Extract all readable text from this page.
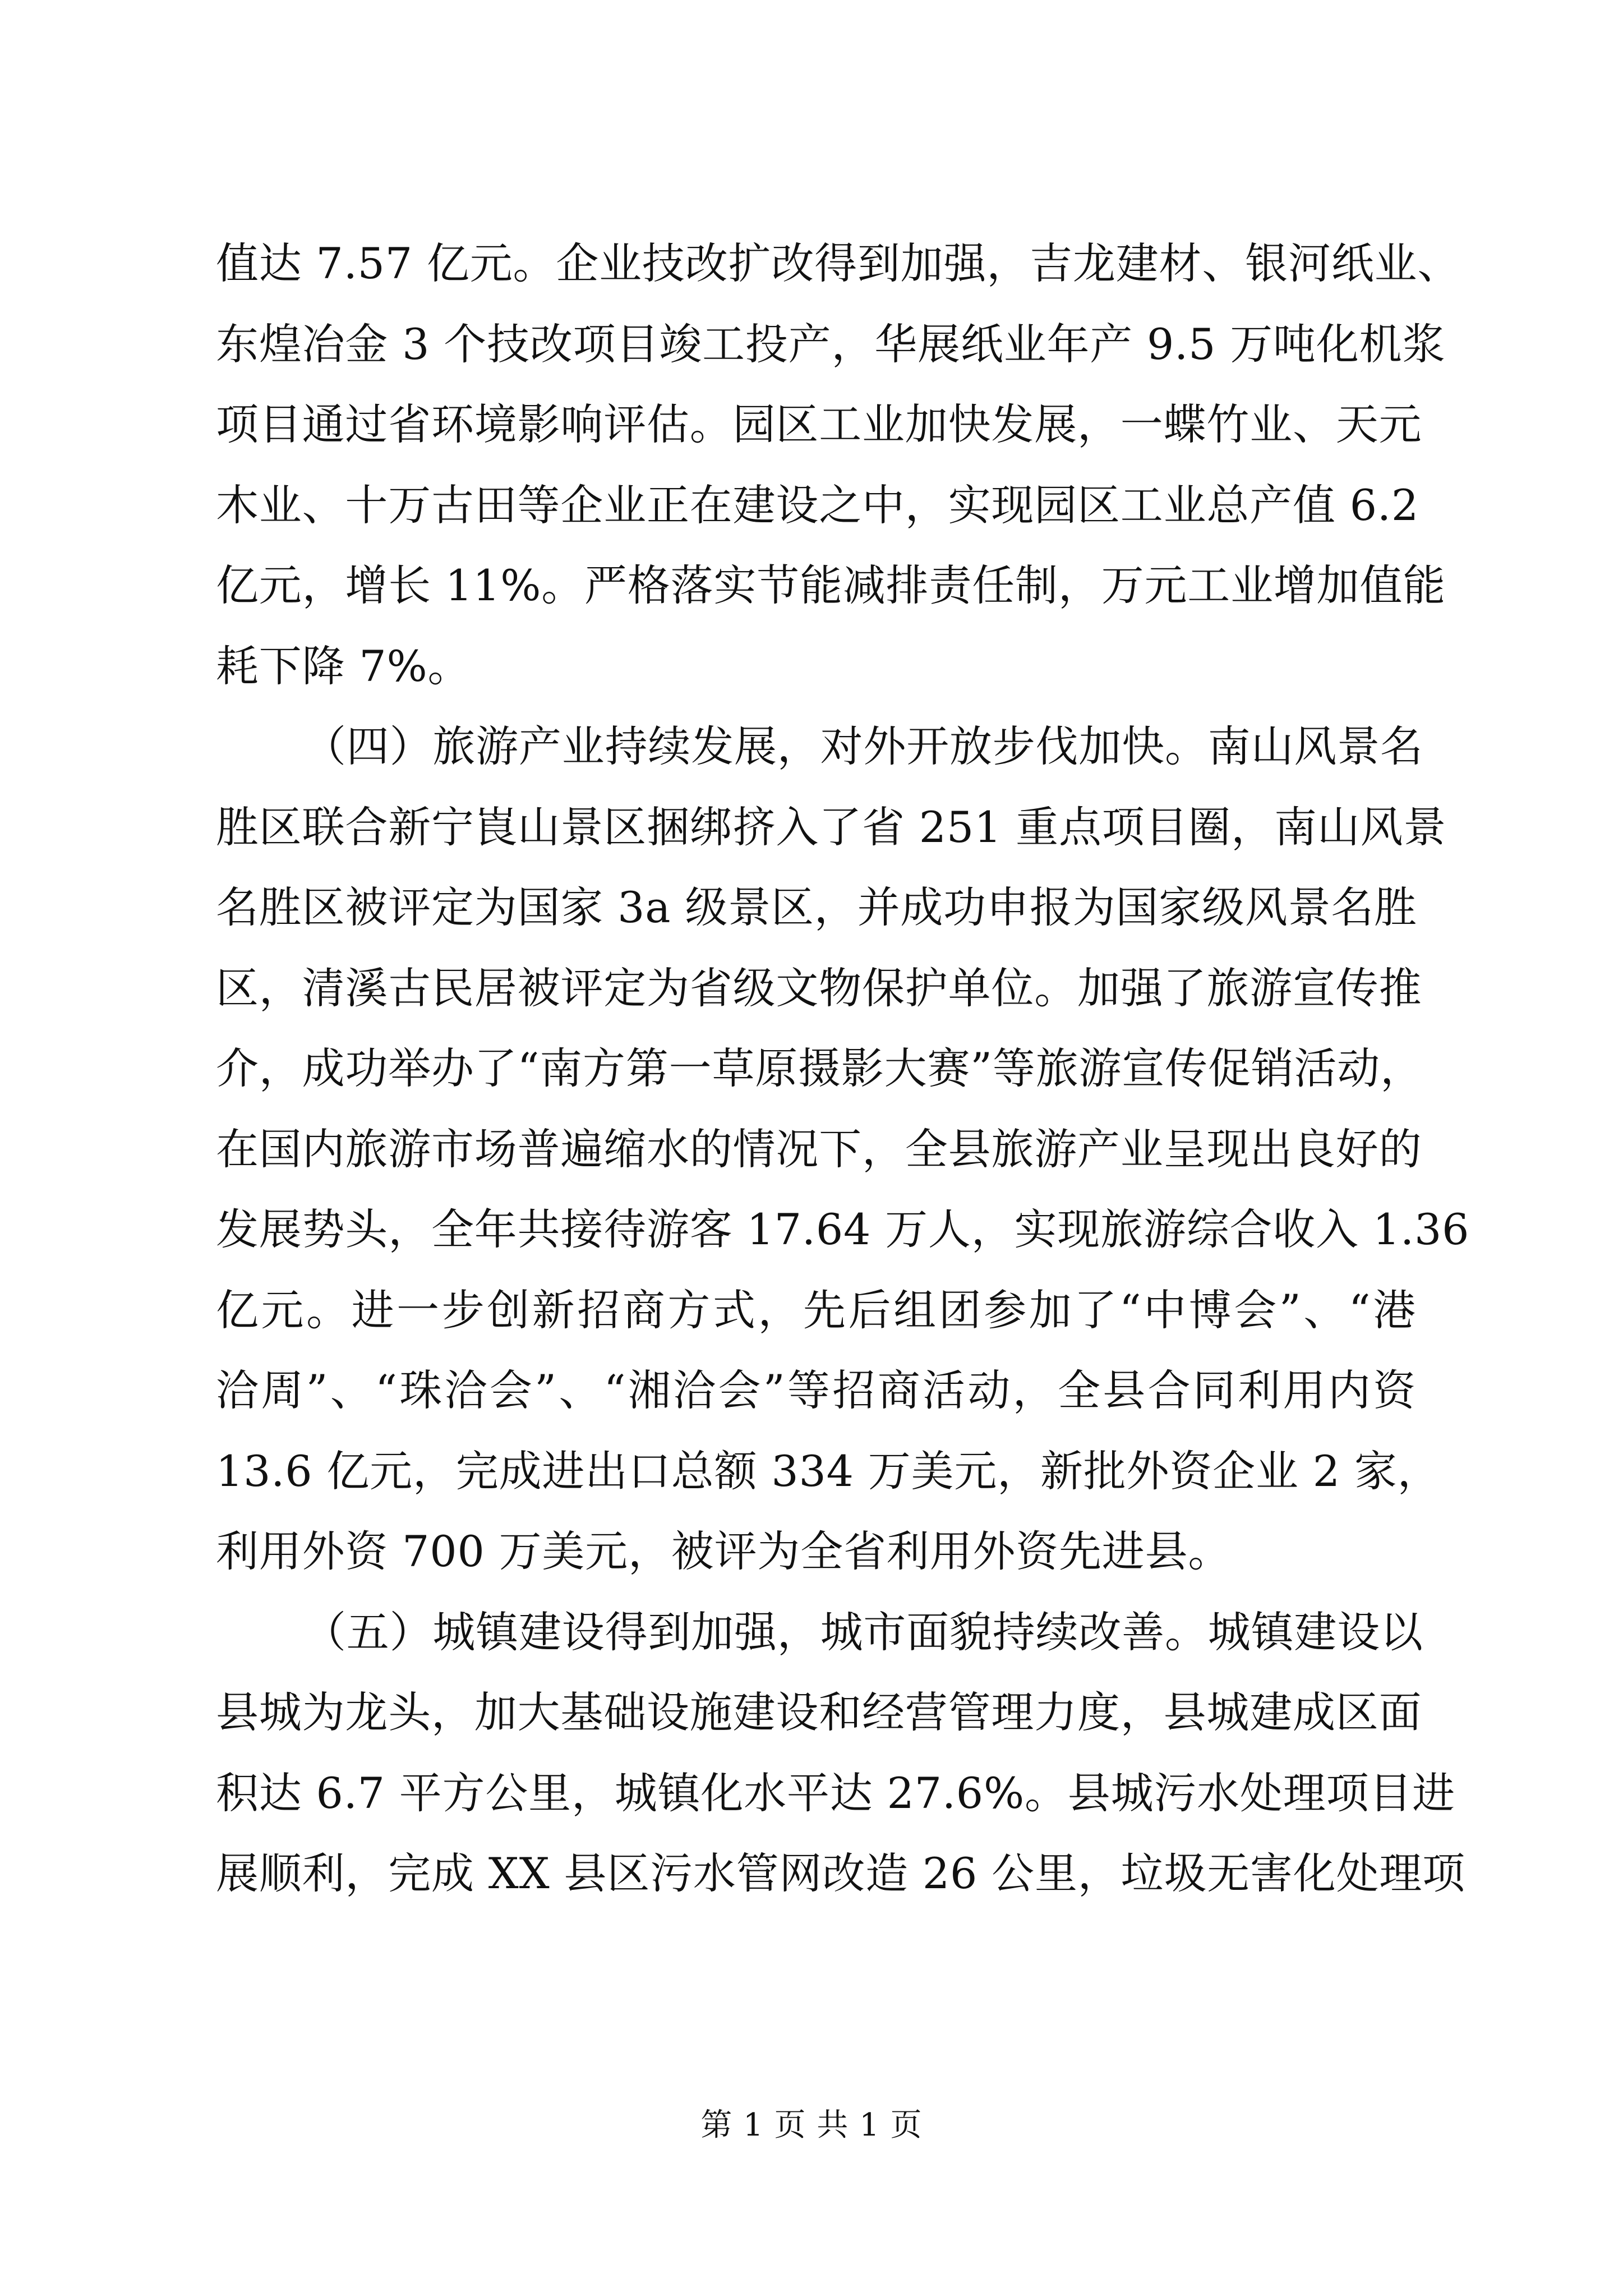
值达 7.57 亿元。企业技改扩改得到加强，吉龙建材、银河纸业、
东煌冶金 3 个技改项目竣工投产，华展纸业年产 9.5 万吨化机浆
项目通过省环境影响评估。园区工业加快发展，一蝶竹业、天元
木业、十万古田等企业正在建设之中，实现园区工业总产值 6.2
亿元，增长 11%。严格落实节能减排责任制，万元工业增加值能
耗下降 7%。
（四）旅游产业持续发展，对外开放步伐加快。南山风景名
胜区联合新宁崀山景区捆绑挤入了省 251 重点项目圈，南山风景
名胜区被评定为国家 3a 级景区，并成功申报为国家级风景名胜
区，清溪古民居被评定为省级文物保护单位。加强了旅游宣传推
介，成功举办了“南方第一草原摄影大赛”等旅游宣传促销活动，
在国内旅游市场普遍缩水的情况下，全县旅游产业呈现出良好的
发展势头，全年共接待游客 17.64 万人，实现旅游综合收入 1.36
亿元。进一步创新招商方式，先后组团参加了“中博会”、“港
洽周”、“珠洽会”、“湘洽会”等招商活动，全县合同利用内资
13.6 亿元，完成进出口总额 334 万美元，新批外资企业 2 家，
利用外资 700 万美元，被评为全省利用外资先进县。
（五）城镇建设得到加强，城市面貌持续改善。城镇建设以
县城为龙头，加大基础设施建设和经营管理力度，县城建成区面
积达 6.7 平方公里，城镇化水平达 27.6%。县城污水处理项目进
展顺利，完成 XX 县区污水管网改造 26 公里，垃圾无害化处理项
第 1 页 共 1 页
